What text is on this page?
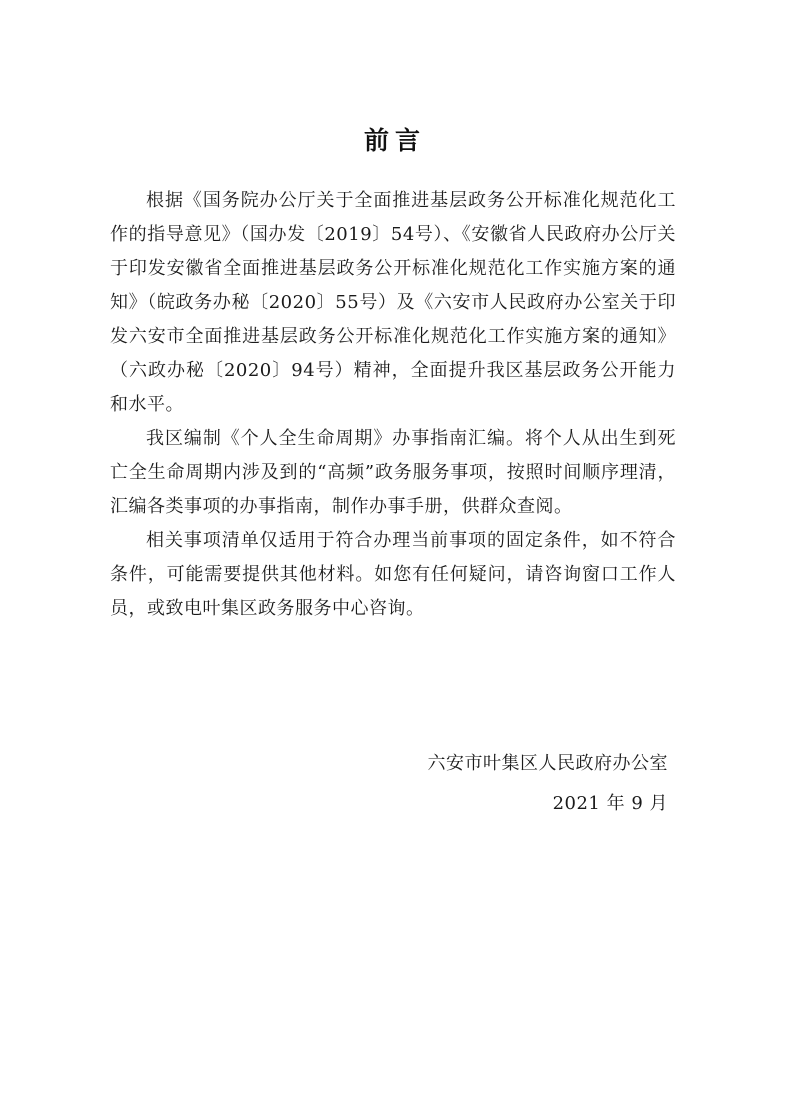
前言

根据《国务院办公厅关于全面推进基层政务公开标准化规范化工作的指导意见》（国办发〔2019〕54号）、《安徽省人民政府办公厅关于印发安徽省全面推进基层政务公开标准化规范化工作实施方案的通知》（皖政务办秘〔2020〕55号）及《六安市人民政府办公室关于印发六安市全面推进基层政务公开标准化规范化工作实施方案的通知》（六政办秘〔2020〕94号）精神，全面提升我区基层政务公开能力和水平。

我区编制《个人全生命周期》办事指南汇编。将个人从出生到死亡全生命周期内涉及到的“高频”政务服务事项，按照时间顺序理清，汇编各类事项的办事指南，制作办事手册，供群众查阅。

相关事项清单仅适用于符合办理当前事项的固定条件，如不符合条件，可能需要提供其他材料。如您有任何疑问，请咨询窗口工作人员，或致电叶集区政务服务中心咨询。

六安市叶集区人民政府办公室
2021 年 9 月
